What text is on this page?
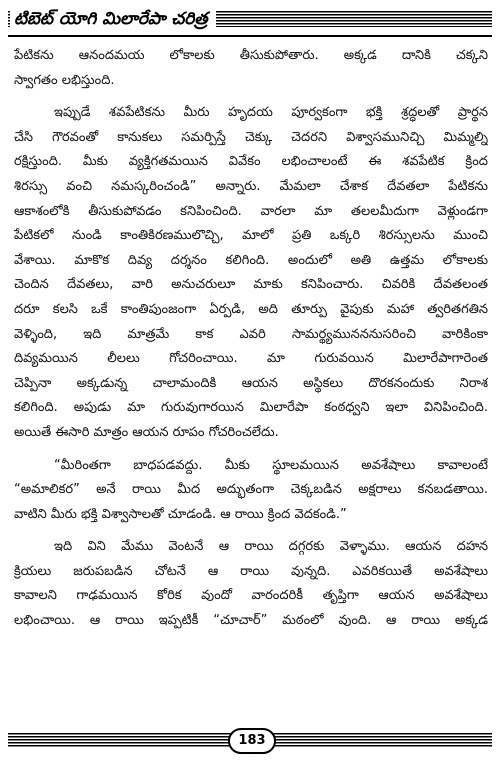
టిబెట్ యోగి మిలారేపా చరిత్ర
పేటికను ఆనందమయ లోకాలకు తీసుకుపోతారు. అక్కడ దానికి చక్కని
స్వాగతం లభిస్తుంది.
ఇప్పుడే శవపేటికను మీరు హృదయ పూర్వకంగా భక్తి శ్రద్ధలతో ప్రార్థన
చేసి గౌరవంతో కానుకలు సమర్పిస్తే చెక్కు చెదరని విశ్వాసమునిచ్చి మిమ్మల్ని
రక్షిస్తుంది. మీకు వ్యక్తిగతమయిన వివేకం లభించాలంటే ఈ శవపేటిక క్రింద
శిరస్సు వంచి నమస్కరించండి” అన్నారు. మేమలా చేశాక దేవతలా పేటికను
ఆకాశంలోకి తీసుకుపోవడం కనిపించింది. వారలా మా తలలమీదుగా వెళ్లుండగా
పేటికలో నుండి కాంతికిరణములొచ్చి, మాలో ప్రతి ఒక్కరి శిరస్సులను ముంచి
వేశాయి. మాకొక దివ్య దర్శనం కలిగింది. అందులో అతి ఉత్తమ లోకాలకు
చెందిన దేవతలు, వారి అనుచరులూ మాకు కనిపించారు. చివరికి దేవతలంత
దరూ కలసి ఒకే కాంతిపుంజంగా ఏర్పడి, అది తూర్పు వైపుకు మహా త్వరితగతిన
వెళ్ళింది, ఇది మాత్రమే కాక ఎవరి సామర్థ్యమునననుసరించి వారికింకా
దివ్యమయిన లీలలు గోచరించాయి. మా గురువయిన మిలారేపాగారెంత
చెప్పినా అక్కడున్న చాలామందికి ఆయన అస్థికలు దొరకనందుకు నిరాశ
కలిగింది. అపుడు మా గురువుగారయిన మిలారేపా కంఠధ్వని ఇలా వినిపించింది.
అయితే ఈసారి మాత్రం ఆయన రూపం గోచరించలేదు.
“మీరింతగా బాధపడవద్దు. మీకు స్థూలమయిన అవశేషాలు కావాలంటే
“అమాలికర” అనే రాయి మీద అద్భుతంగా చెక్కబడిన అక్షరాలు కనబడతాయి.
వాటిని మీరు భక్తి విశ్వాసాలతో చూడండి. ఆ రాయి క్రింద వెదకండి.”
ఇది విని మేము వెంటనే ఆ రాయి దగ్గరకు వెళ్ళాము. ఆయన దహన
క్రియలు జరుపబడిన చోటనే ఆ రాయి వున్నది. ఎవరికయితే అవశేషాలు
కావాలని గాఢమయిన కోరిక వుందో వారందరికీ తృప్తిగా ఆయన అవశేషాలు
లభించాయి. ఆ రాయి ఇప్పటికీ “చూచార్” మఠంలో వుంది. ఆ రాయి అక్కడ
183
